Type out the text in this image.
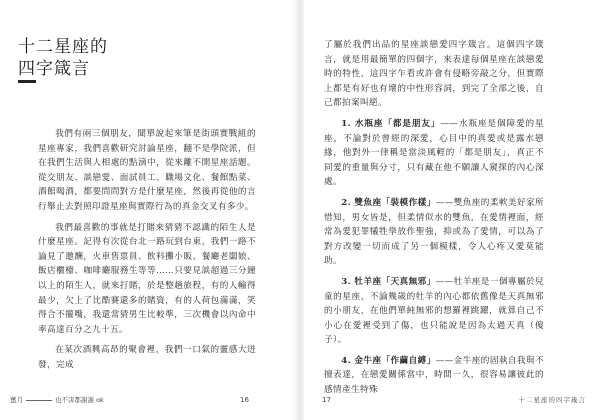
十二星座的
四字箴言

我們有兩三個朋友，聞單說起來筆是街頭實戰組的星座專家，我們喜歡研究討論星座，翻不是學院派，但在我們生活與人相處的點滴中，從來離不開星座話題。從交朋友、談戀愛、面試員工、職場文化、餐館點菜、酒館喝酒，都要問問對方是什麼星座，然後再從他的言行舉止去對照印證星座與實際行為的真金交叉有多少。

我們最喜歡的事就是打賭來猜猜不認識的陌生人是什麼星座。記得有次從台北一路玩到台東，我們一路不論見了邀酬，火車售票員、飲料攤小販、餐廳老闆娘、飯店櫃檯、咖啡廳服務生等等……只要見談超過三分鐘以上的陌生人，就來打賭，於是整趟旅程，有的人輸得最少，欠上了比酷賽還多的賭資，有的人荷包滿滿，笑得合不攏嘴，我還常猜男生比較準，三次機會以內命中率高達百分之九十五。

在某次酒興高昂的聚會裡，我們一口氣的靈感大迸發，完成

薑月	也不害都謝謝 ok	16

了屬於我們出品的星座談戀愛四字箴言。這個四字箴言，就是用最簡單的四個字，來表達每個星座在談戀愛時的特性，這四字乍看或許會有侵略旁敲之分，但實際上都是有好也有壞的中性形容詞，到完了全部之後，自己都拍案叫絕。

1. 水瓶座「都是朋友」——水瓶座是個障愛的星座，不論對於曾經的深愛，心目中的真愛或是露水戀緣，他對外一律稱是當淡風輕的「都是朋友」，真正不同愛的重量與分寸，只有藏在他不願讓人窺探的內心深處。

2. 雙魚座「裝模作樣」——雙魚座的柔軟美好家所惜知，男女皆是，但柔情似水的雙魚，在愛情裡面，經常為愛犯罪犧牲學放作聖強，抑或為了愛情，可以為了對方改變一切而成了另一個模樣，令人心疼又愛莫能助。

3. 牡羊座「天真無邪」——牡羊座是一個專屬於兒童的星座，不論幾歲的牡羊的內心都依舊像是天真無邪的小朋友，在他們單純無邪的想羅裡跳躍，就算自己不小心在愛裡受到了傷，也只能說是因為太過天真（傻子）。

4. 金牛座「作繭自縛」——金牛座的固執自我與不擅表達，在戀愛關係當中，時間一久，很容易讓彼此的感情產生特殊

17	十二星座的四字箴言
